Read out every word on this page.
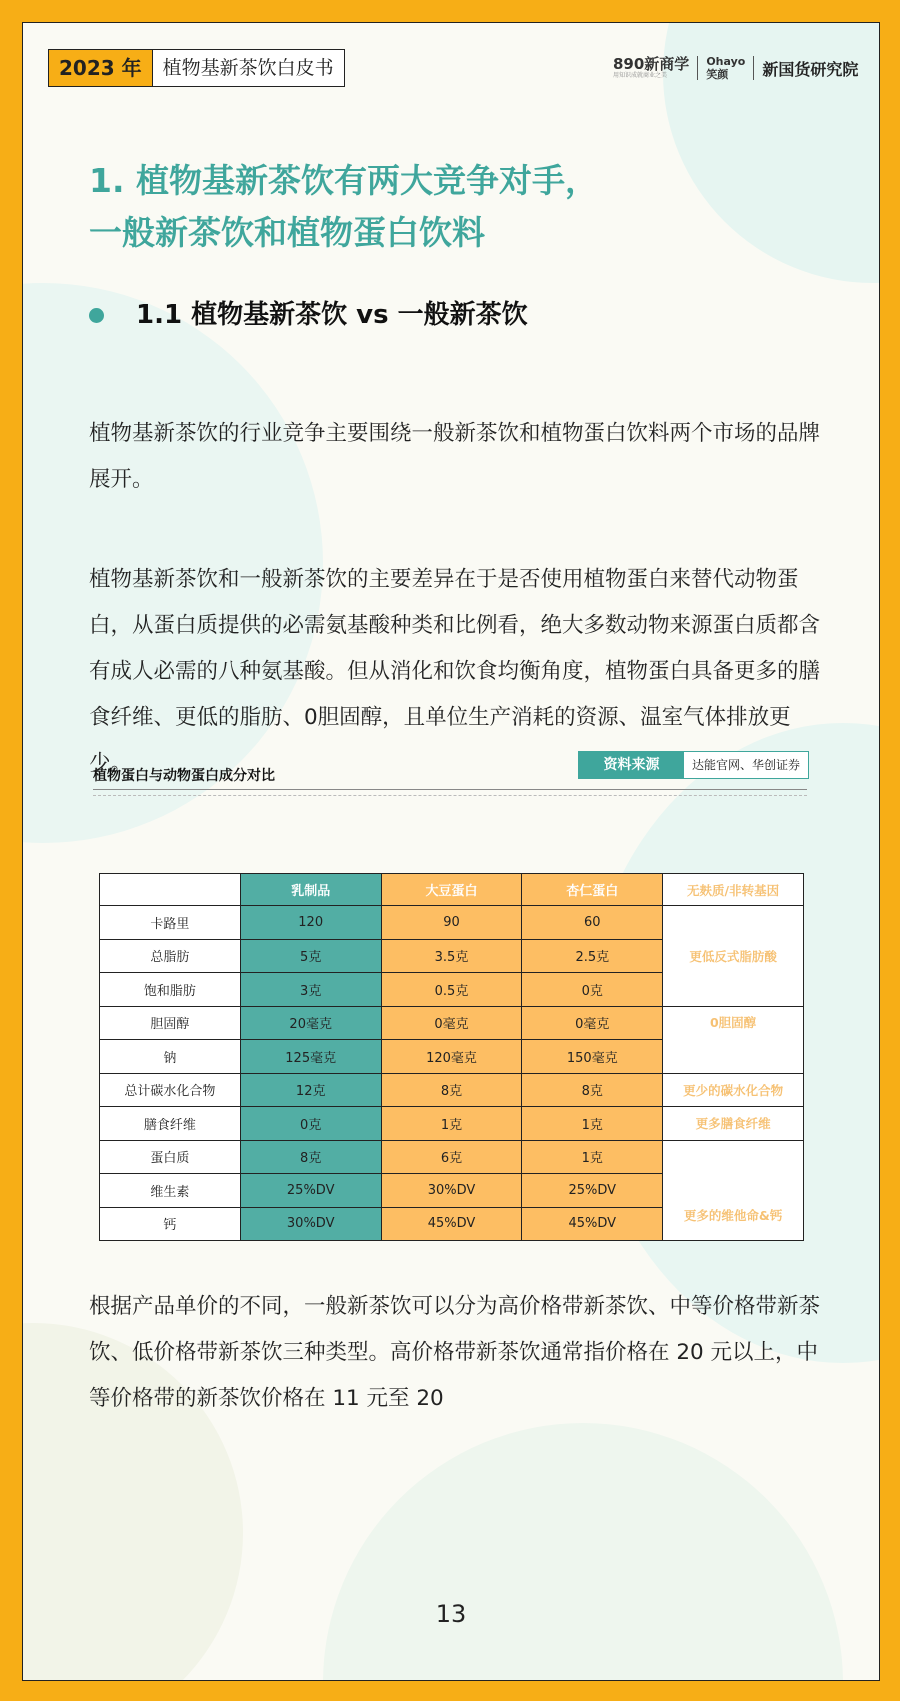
2023 年	植物基新茶饮白皮书	890新商学
用知识成就商业之美
Ohayo
笑颜	新国货研究院
1. 植物基新茶饮有两大竞争对手，
一般新茶饮和植物蛋白饮料
1.1 植物基新茶饮 vs 一般新茶饮

植物基新茶饮的行业竞争主要围绕一般新茶饮和植物蛋白饮料两个市场的品牌展开。

植物基新茶饮和一般新茶饮的主要差异在于是否使用植物蛋白来替代动物蛋白，从蛋白质提供的必需氨基酸种类和比例看，绝大多数动物来源蛋白质都含有成人必需的八种氨基酸。但从消化和饮食均衡角度，植物蛋白具备更多的膳食纤维、更低的脂肪、0胆固醇，且单位生产消耗的资源、温室气体排放更少。

植物蛋白与动物蛋白成分对比
资料来源	达能官网、华创证券

根据产品单价的不同，一般新茶饮可以分为高价格带新茶饮、中等价格带新茶饮、低价格带新茶饮三种类型。高价格带新茶饮通常指价格在 20 元以上，中等价格带的新茶饮价格在 11 元至 20

13
	乳制品	大豆蛋白	杏仁蛋白	无麸质/非转基因
卡路里	120	90	60	更低反式脂肪酸
总脂肪	5克	3.5克	2.5克	
饱和脂肪	3克	0.5克	0克	
胆固醇	20毫克	0毫克	0毫克	0胆固醇
钠	125毫克	120毫克	150毫克	
总计碳水化合物	12克	8克	8克	更少的碳水化合物
膳食纤维	0克	1克	1克	更多膳食纤维
蛋白质	8克	6克	1克	更多的维他命&钙
维生素	25%DV	30%DV	25%DV	
钙	30%DV	45%DV	45%DV	
